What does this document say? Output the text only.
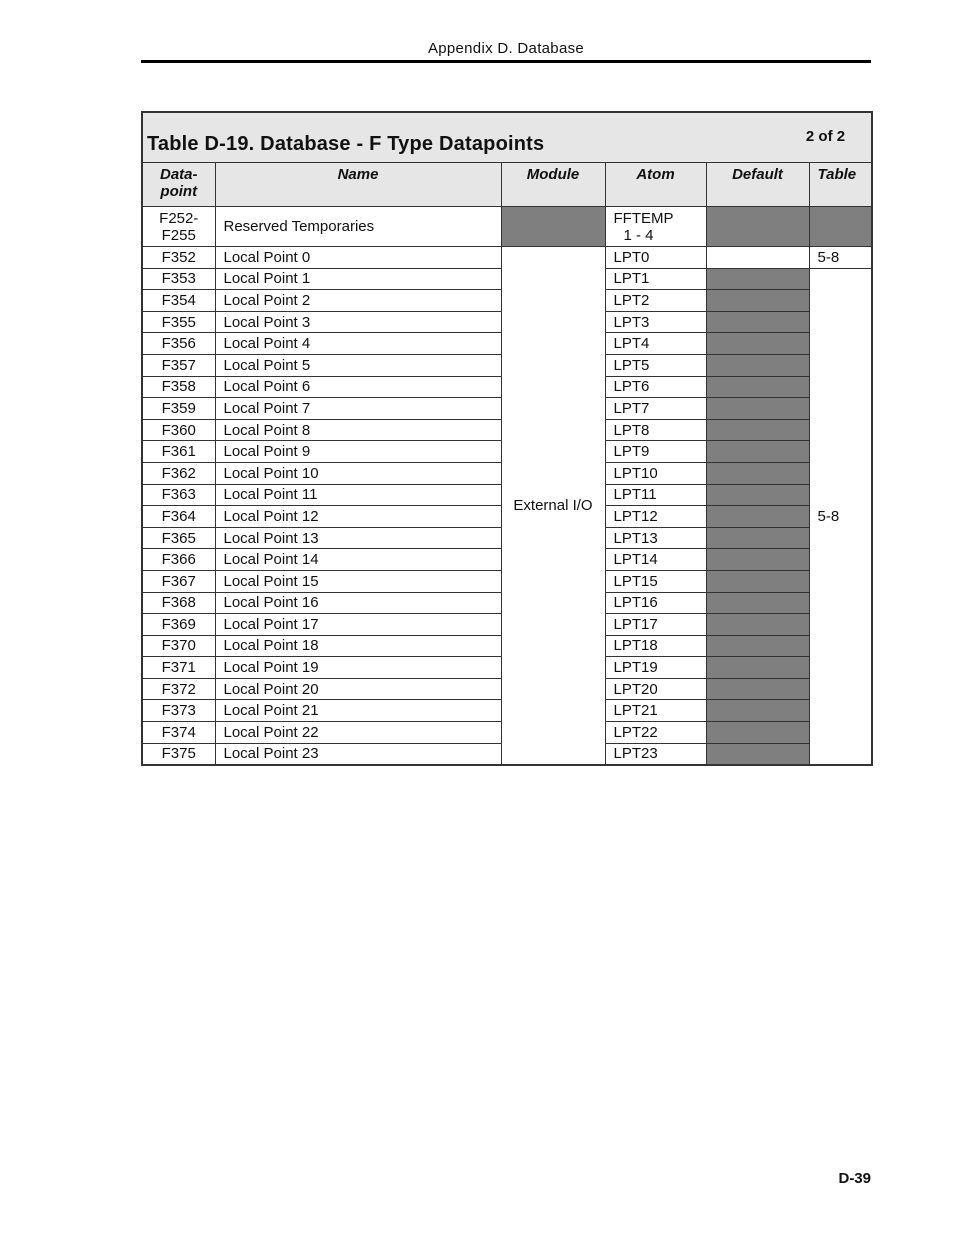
Appendix D. Database
Table D-19. Database - F Type Datapoints 2 of 2					

Data-
point	Name	Module	Atom	Default	Table
F252-
F255	Reserved Temporaries		FFTEMP
1 - 4		
F352	Local Point 0	External I/O	LPT0		5-8
F353	Local Point 1		LPT1		5-8
F354	Local Point 2		LPT2		
F355	Local Point 3		LPT3		
F356	Local Point 4		LPT4		
F357	Local Point 5		LPT5		
F358	Local Point 6		LPT6		
F359	Local Point 7		LPT7		
F360	Local Point 8		LPT8		
F361	Local Point 9		LPT9		
F362	Local Point 10		LPT10		
F363	Local Point 11		LPT11		
F364	Local Point 12		LPT12		
F365	Local Point 13		LPT13		
F366	Local Point 14		LPT14		
F367	Local Point 15		LPT15		
F368	Local Point 16		LPT16		
F369	Local Point 17		LPT17		
F370	Local Point 18		LPT18		
F371	Local Point 19		LPT19		
F372	Local Point 20		LPT20		
F373	Local Point 21		LPT21		
F374	Local Point 22		LPT22		
F375	Local Point 23		LPT23		
D-39
